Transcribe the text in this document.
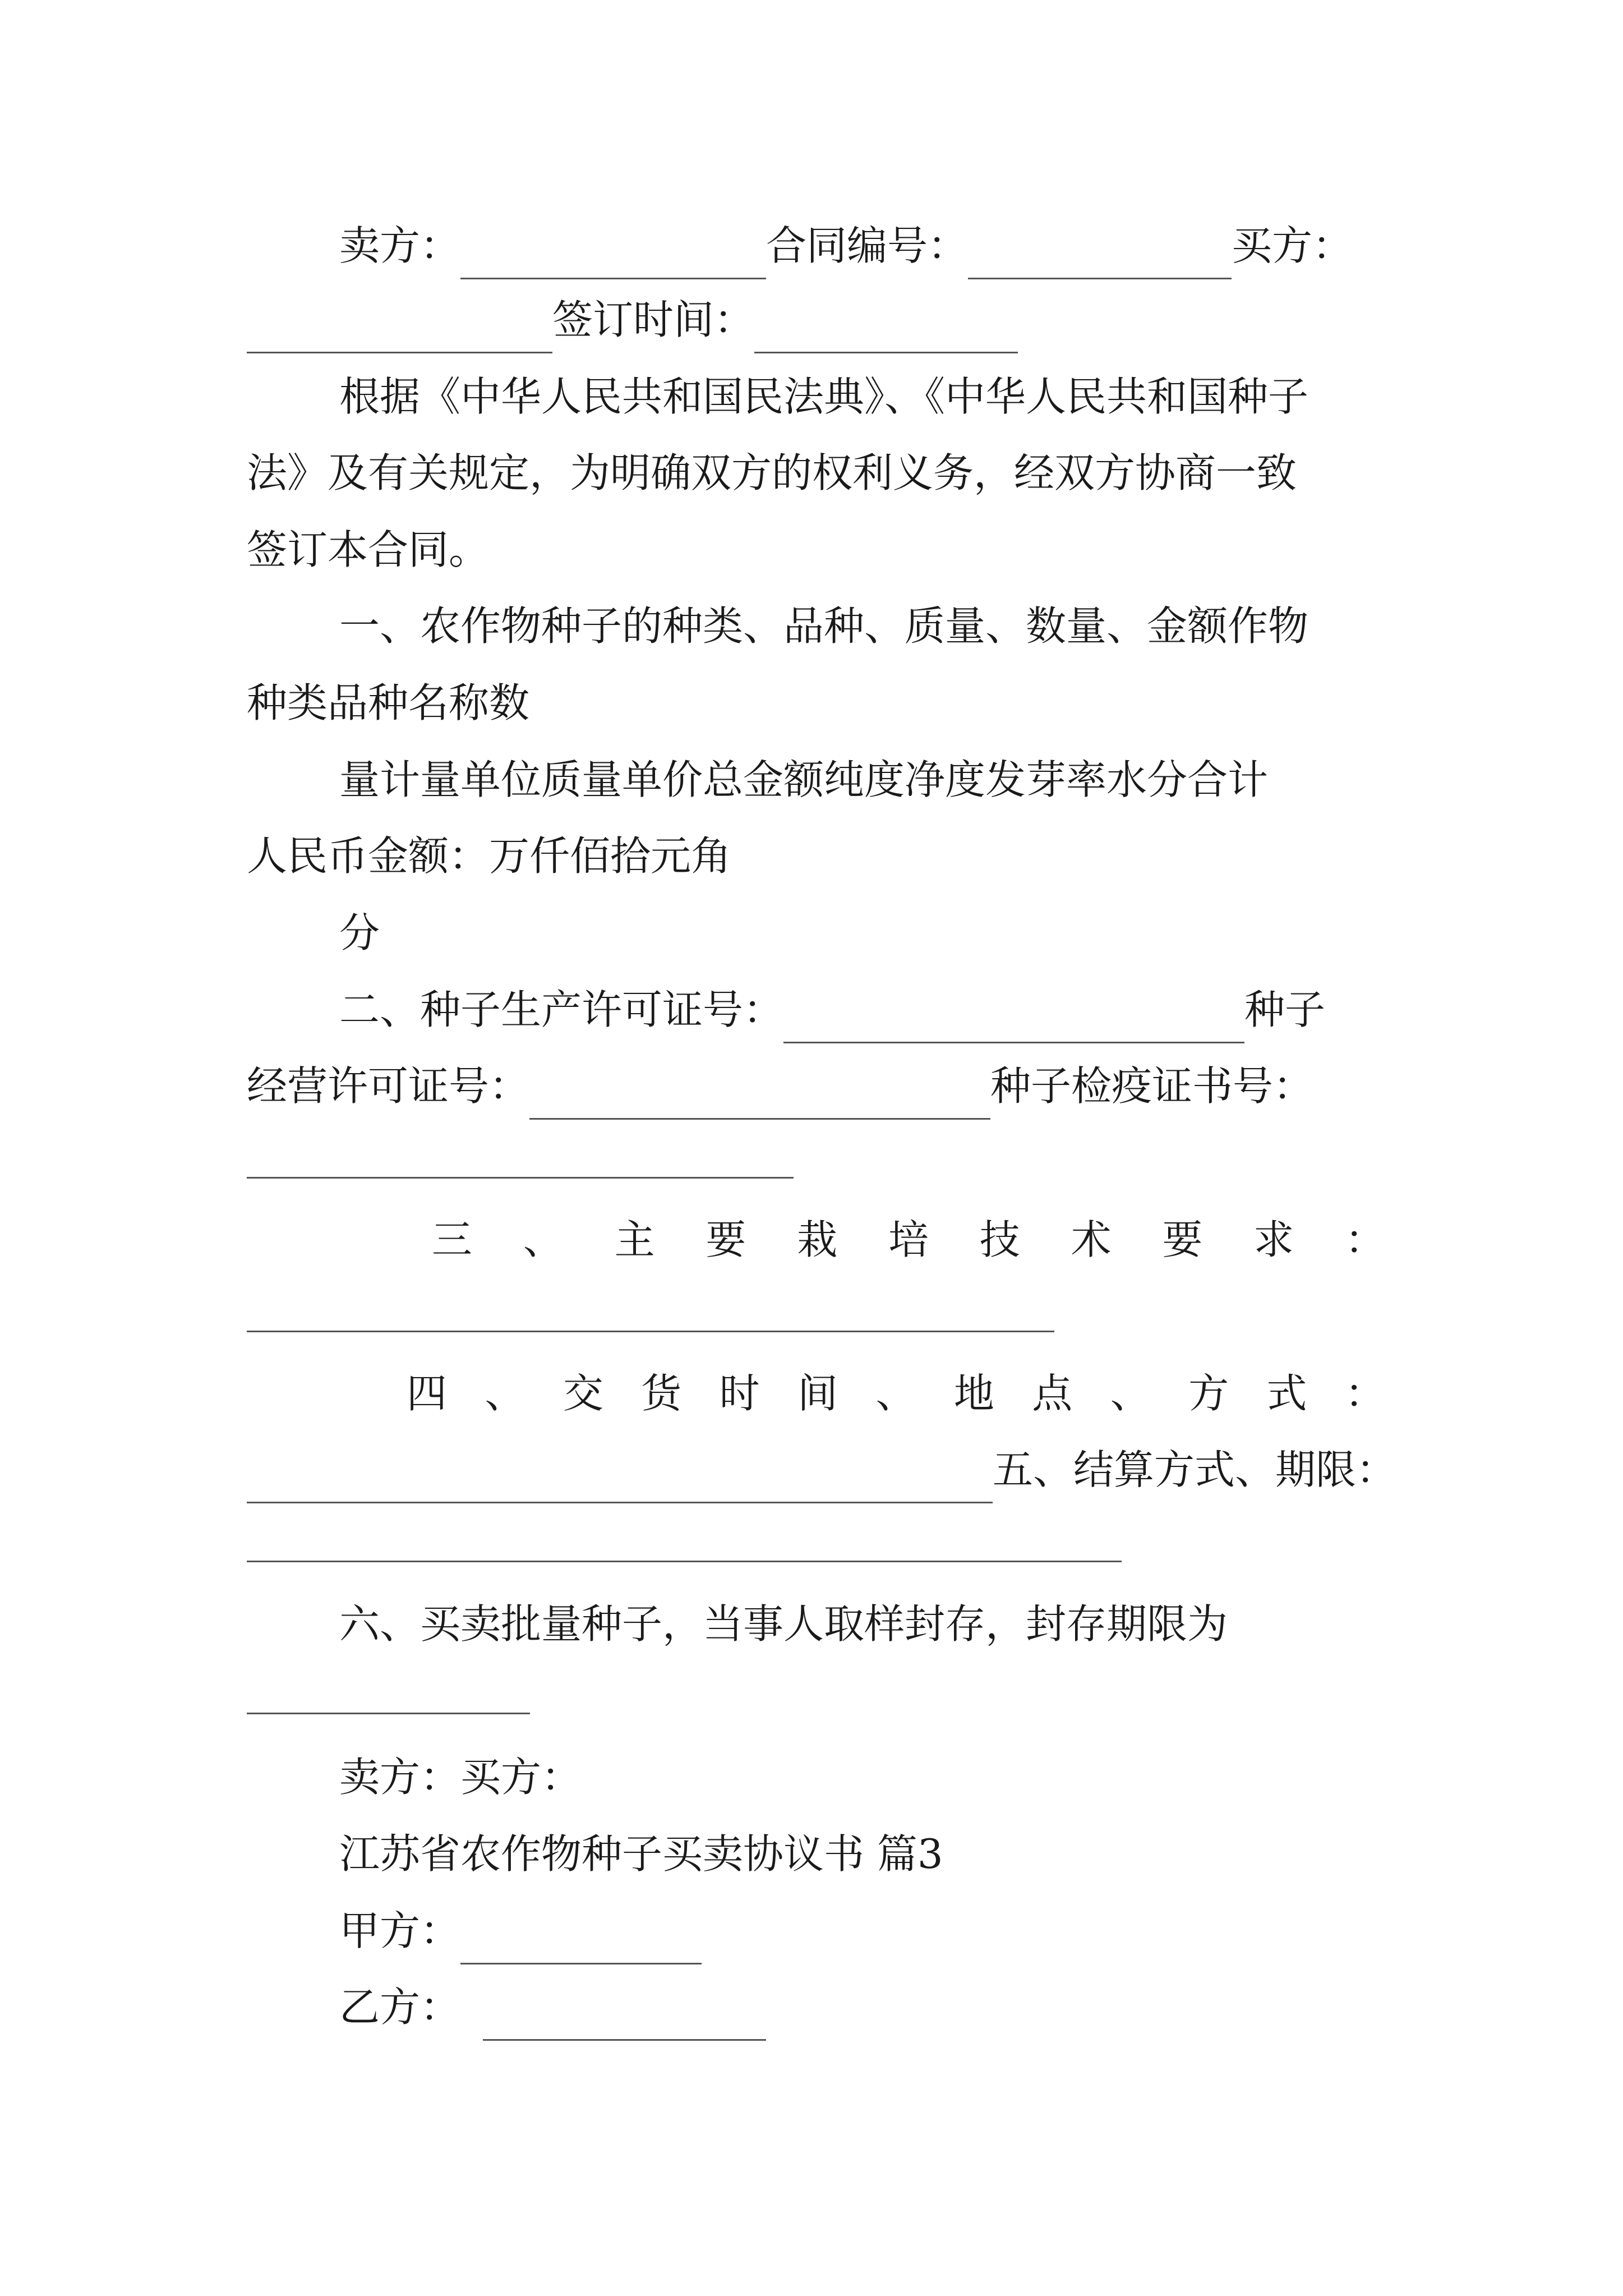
卖方：	合同编号：	买方：
签订时间：
根据《中华人民共和国民法典》、《中华人民共和国种子
法》及有关规定，为明确双方的权利义务，经双方协商一致
签订本合同。
一、农作物种子的种类、品种、质量、数量、金额作物
种类品种名称数
量计量单位质量单价总金额纯度净度发芽率水分合计
人民币金额：万仟佰拾元角
分
二、种子生产许可证号：	种子
经营许可证号：	种子检疫证书号：
三 、 主 要 栽 培 技 术 要 求 ：
四 、 交 货 时 间 、 地 点 、 方 式 ：
五、结算方式、期限：
六、买卖批量种子，当事人取样封存，封存期限为
卖方：买方：
江苏省农作物种子买卖协议书 篇3
甲方：
乙方：
